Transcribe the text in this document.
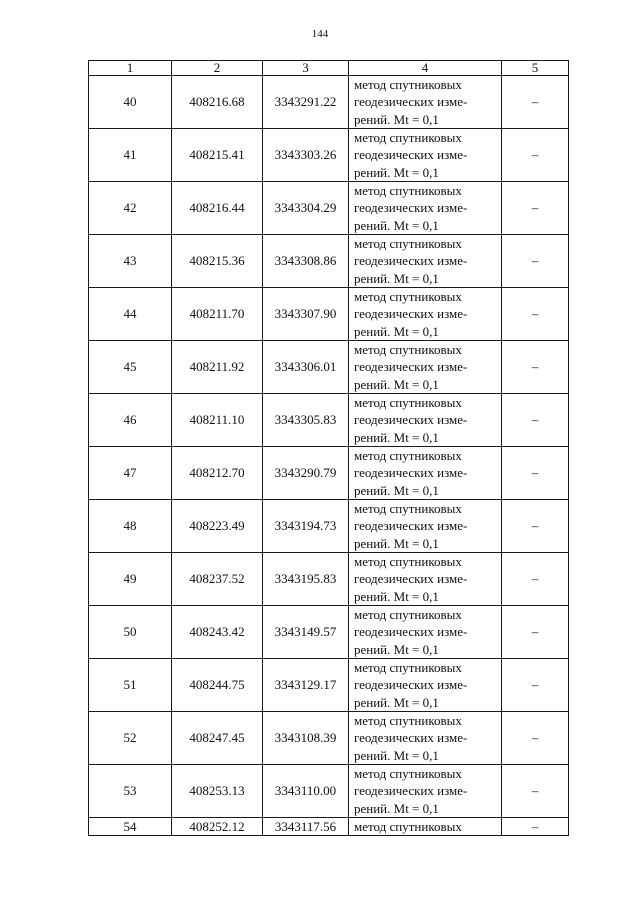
144
1	2	3	4	5
40	408216.68	3343291.22	метод спутниковых
геодезических изме-
рений. Mt = 0,1	–
41	408215.41	3343303.26	метод спутниковых
геодезических изме-
рений. Mt = 0,1	–
42	408216.44	3343304.29	метод спутниковых
геодезических изме-
рений. Mt = 0,1	–
43	408215.36	3343308.86	метод спутниковых
геодезических изме-
рений. Mt = 0,1	–
44	408211.70	3343307.90	метод спутниковых
геодезических изме-
рений. Mt = 0,1	–
45	408211.92	3343306.01	метод спутниковых
геодезических изме-
рений. Mt = 0,1	–
46	408211.10	3343305.83	метод спутниковых
геодезических изме-
рений. Mt = 0,1	–
47	408212.70	3343290.79	метод спутниковых
геодезических изме-
рений. Mt = 0,1	–
48	408223.49	3343194.73	метод спутниковых
геодезических изме-
рений. Mt = 0,1	–
49	408237.52	3343195.83	метод спутниковых
геодезических изме-
рений. Mt = 0,1	–
50	408243.42	3343149.57	метод спутниковых
геодезических изме-
рений. Mt = 0,1	–
51	408244.75	3343129.17	метод спутниковых
геодезических изме-
рений. Mt = 0,1	–
52	408247.45	3343108.39	метод спутниковых
геодезических изме-
рений. Mt = 0,1	–
53	408253.13	3343110.00	метод спутниковых
геодезических изме-
рений. Mt = 0,1	–
54	408252.12	3343117.56	метод спутниковых	–
